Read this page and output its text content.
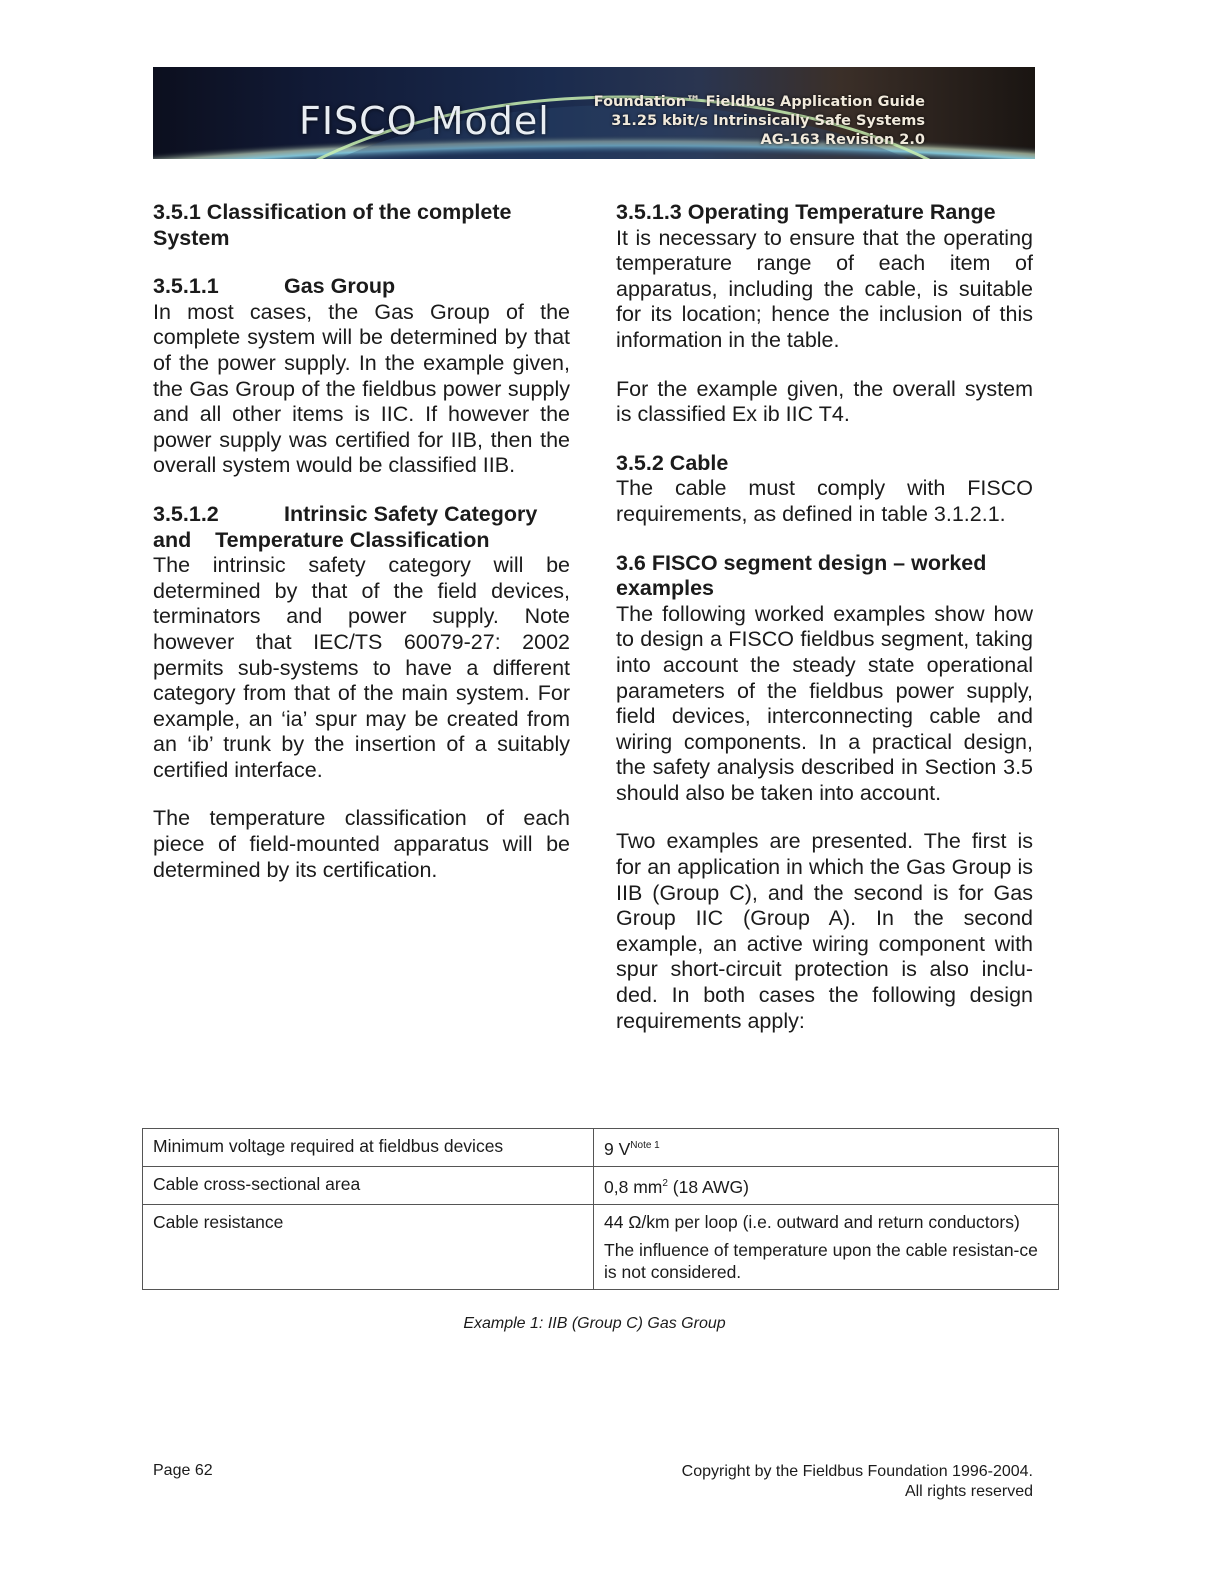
FISCO Model	Foundation™ Fieldbus Application Guide
31.25 kbit/s Intrinsically Safe Systems
AG-163 Revision 2.0
3.5.1 Classification of the complete System
3.5.1.1	Gas Group

In most cases, the Gas Group of the complete system will be determined by that of the power supply. In the example given, the Gas Group of the fieldbus power supply and all other items is IIC. If however the power supply was certified for IIB, then the overall system would be classified IIB.

3.5.1.2	Intrinsic Safety Category
and    Temperature Classification

The intrinsic safety category will be determined by that of the field devices, terminators and power supply. Note however that IEC/TS 60079-27: 2002 permits sub-systems to have a different category from that of the main system. For example, an ‘ia’ spur may be created from an ‘ib’ trunk by the insertion of a suitably certified interface.

The temperature classification of each piece of field-mounted apparatus will be determined by its certification.

3.5.1.3 Operating Temperature Range

It is necessary to ensure that the operating temperature range of each item of apparatus, including the cable, is suitable for its location; hence the inclusion of this information in the table.

For the example given, the overall system is classified Ex ib IIC T4.

3.5.2 Cable

The cable must comply with FISCO requirements, as defined in table 3.1.2.1.

3.6 FISCO segment design – worked examples

The following worked examples show how to design a FISCO fieldbus segment, taking into account the steady state operational parameters of the fieldbus power supply, field devices, interconnecting cable and wiring components. In a practical design, the safety analysis described in Section 3.5 should also be taken into account.

Two examples are presented. The first is for an application in which the Gas Group is IIB (Group C), and the second is for Gas Group IIC (Group A). In the second example, an active wiring component with spur short-circuit protection is also inclu-ded. In both cases the following design requirements apply:

Minimum voltage required at fieldbus devices	9 $V^{Note 1}$
Cable cross-sectional area	0,8 $mm^2$ (18 AWG)
Cable resistance	44 Ω/km per loop (i.e. outward and return conductors)
The influence of temperature upon the cable resistan-ce is not considered.
Example 1: IIB (Group C) Gas Group
Page 62	Copyright by the Fieldbus Foundation 1996-2004.
All rights reserved
